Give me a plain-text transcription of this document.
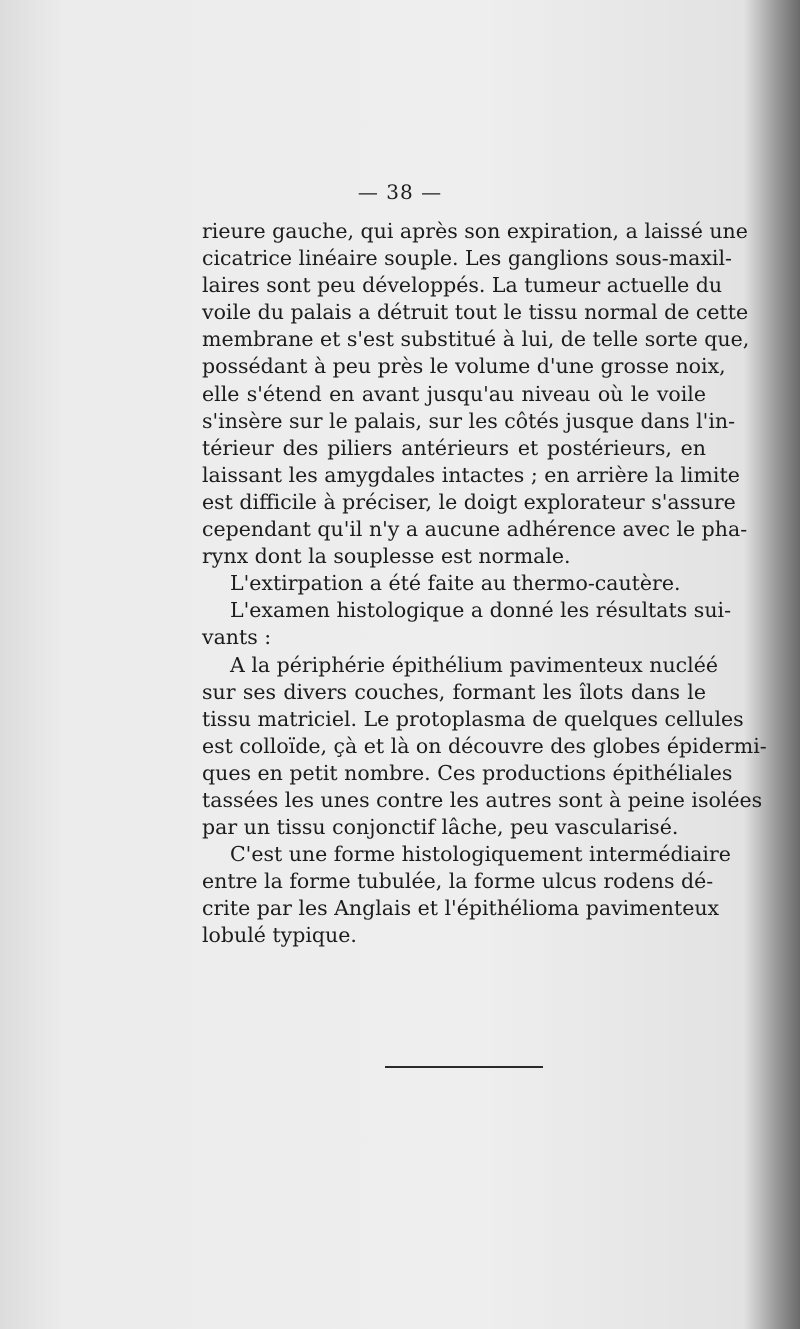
— 38 —
rieure gauche, qui après son expiration, a laissé une
cicatrice linéaire souple. Les ganglions sous-maxil-
laires sont peu développés. La tumeur actuelle du
voile du palais a détruit tout le tissu normal de cette
membrane et s'est substitué à lui, de telle sorte que,
possédant à peu près le volume d'une grosse noix,
elle s'étend en avant jusqu'au niveau où le voile
s'insère sur le palais, sur les côtés jusque dans l'in-
térieur des piliers antérieurs et postérieurs, en
laissant les amygdales intactes ; en arrière la limite
est difficile à préciser, le doigt explorateur s'assure
cependant qu'il n'y a aucune adhérence avec le pha-
rynx dont la souplesse est normale.
L'extirpation a été faite au thermo-cautère.
L'examen histologique a donné les résultats sui-
vants :
A la périphérie épithélium pavimenteux nucléé
sur ses divers couches, formant les îlots dans le
tissu matriciel. Le protoplasma de quelques cellules
est colloïde, çà et là on découvre des globes épidermi-
ques en petit nombre. Ces productions épithéliales
tassées les unes contre les autres sont à peine isolées
par un tissu conjonctif lâche, peu vascularisé.
C'est une forme histologiquement intermédiaire
entre la forme tubulée, la forme ulcus rodens dé-
crite par les Anglais et l'épithélioma pavimenteux
lobulé typique.
